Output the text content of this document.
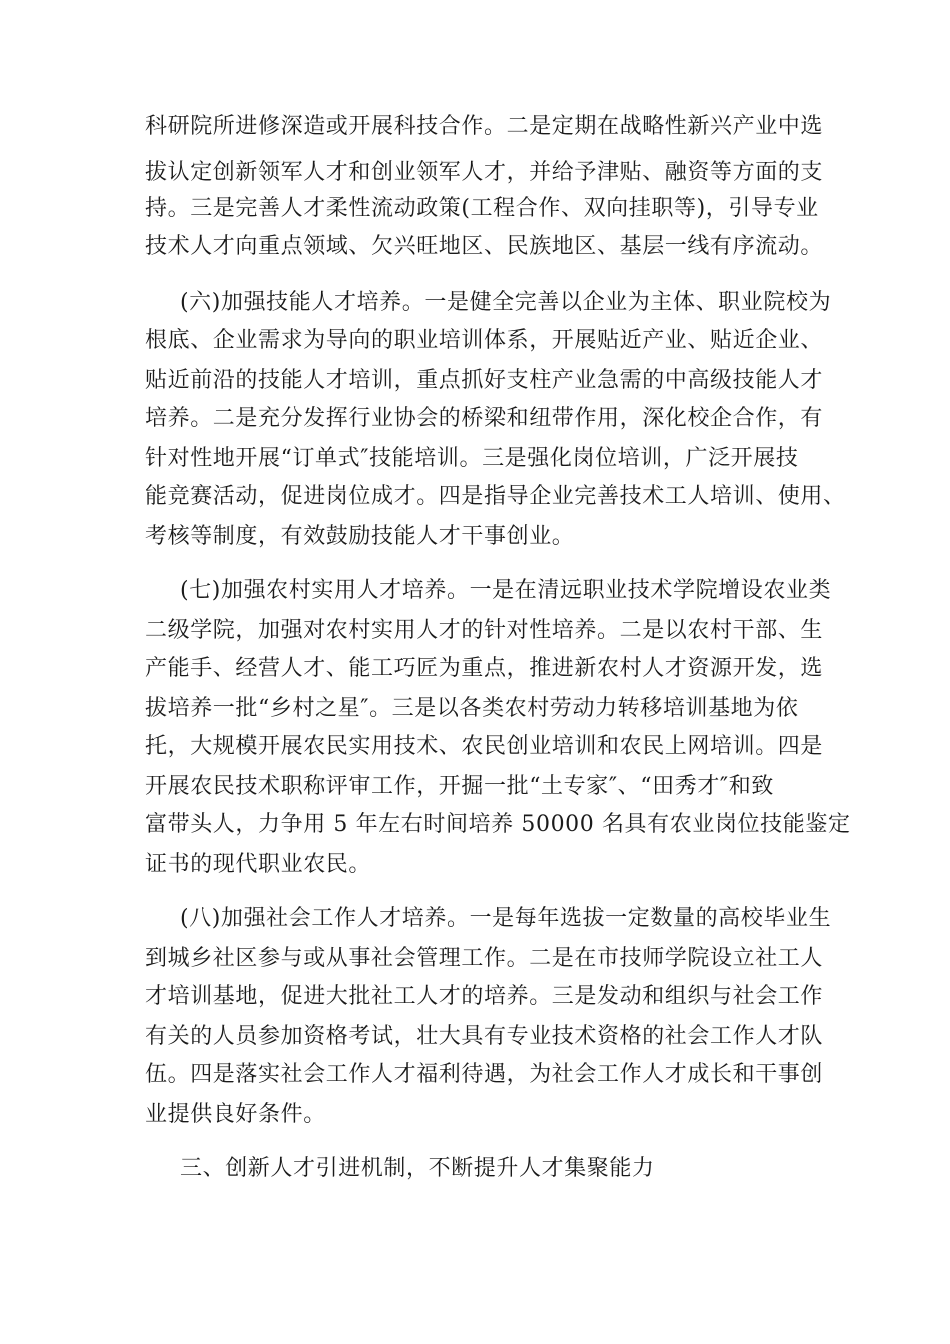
科研院所进修深造或开展科技合作。二是定期在战略性新兴产业中选
拔认定创新领军人才和创业领军人才，并给予津贴、融资等方面的支
持。三是完善人才柔性流动政策(工程合作、双向挂职等)，引导专业
技术人才向重点领域、欠兴旺地区、民族地区、基层一线有序流动。
(六)加强技能人才培养。一是健全完善以企业为主体、职业院校为
根底、企业需求为导向的职业培训体系，开展贴近产业、贴近企业、
贴近前沿的技能人才培训，重点抓好支柱产业急需的中高级技能人才
培养。二是充分发挥行业协会的桥梁和纽带作用，深化校企合作，有
针对性地开展“订单式″技能培训。三是强化岗位培训，广泛开展技
能竞赛活动，促进岗位成才。四是指导企业完善技术工人培训、使用、
考核等制度，有效鼓励技能人才干事创业。
(七)加强农村实用人才培养。一是在清远职业技术学院增设农业类
二级学院，加强对农村实用人才的针对性培养。二是以农村干部、生
产能手、经营人才、能工巧匠为重点，推进新农村人才资源开发，选
拔培养一批“乡村之星″。三是以各类农村劳动力转移培训基地为依
托，大规模开展农民实用技术、农民创业培训和农民上网培训。四是
开展农民技术职称评审工作，开掘一批“土专家″、“田秀才″和致
富带头人，力争用 5 年左右时间培养 50000 名具有农业岗位技能鉴定
证书的现代职业农民。
(八)加强社会工作人才培养。一是每年选拔一定数量的高校毕业生
到城乡社区参与或从事社会管理工作。二是在市技师学院设立社工人
才培训基地，促进大批社工人才的培养。三是发动和组织与社会工作
有关的人员参加资格考试，壮大具有专业技术资格的社会工作人才队
伍。四是落实社会工作人才福利待遇，为社会工作人才成长和干事创
业提供良好条件。
三、创新人才引进机制，不断提升人才集聚能力
